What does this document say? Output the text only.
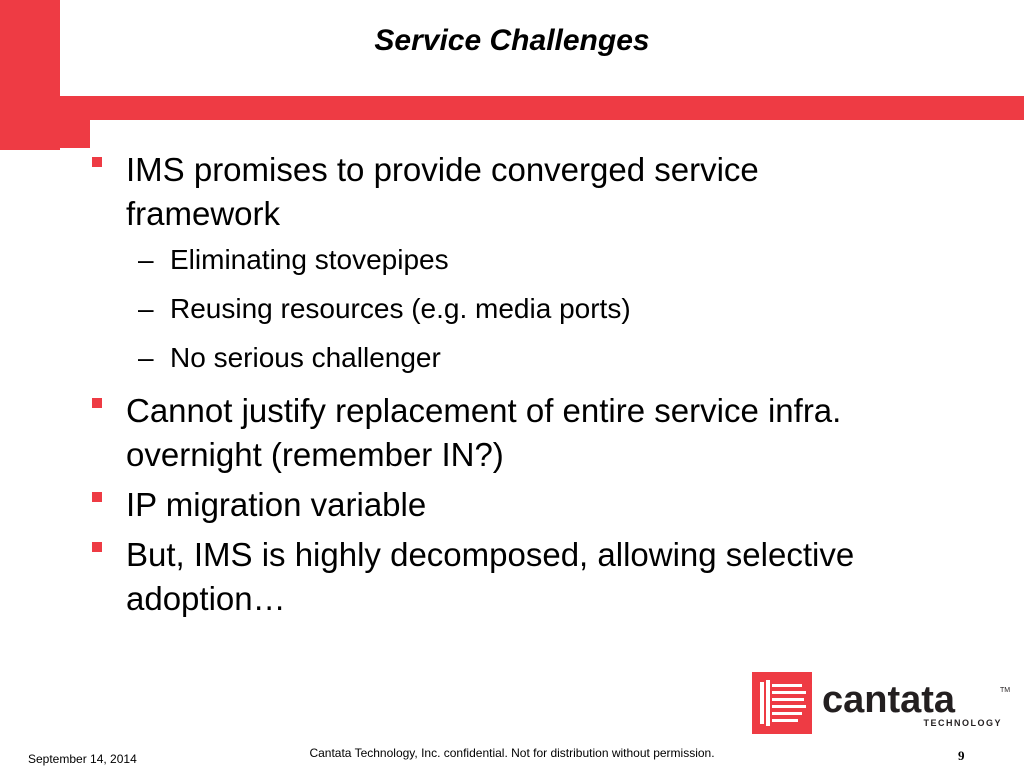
Service Challenges
IMS promises to provide converged service framework
– Eliminating stovepipes
– Reusing resources (e.g. media ports)
– No serious challenger
Cannot justify replacement of entire service infra. overnight (remember IN?)
IP migration variable
But, IMS is highly decomposed, allowing selective adoption…
cantata	TM
TECHNOLOGY
September 14, 2014	Cantata Technology, Inc. confidential. Not for distribution without permission.	9
